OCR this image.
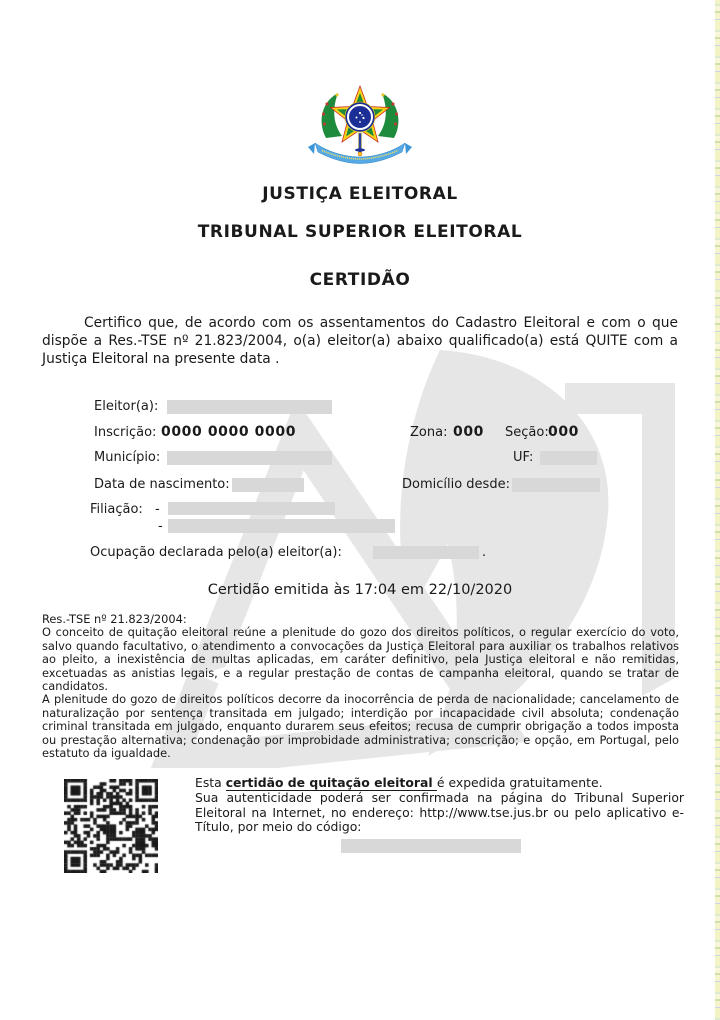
JUSTIÇA ELEITORAL
TRIBUNAL SUPERIOR ELEITORAL
CERTIDÃO

Certifico que, de acordo com os assentamentos do Cadastro Eleitoral e com o que dispõe a Res.-TSE nº 21.823/2004, o(a) eleitor(a) abaixo qualificado(a) está QUITE com a Justiça Eleitoral na presente data .

Eleitor(a):
Inscrição: 0000 0000 0000	Zona: 000 Seção: 000
Município:	UF:
Data de nascimento:	Domicílio desde:
Filiação: -
-
Ocupação declarada pelo(a) eleitor(a):	.
Certidão emitida às 17:04 em 22/10/2020
Res.-TSE nº 21.823/2004:

O conceito de quitação eleitoral reúne a plenitude do gozo dos direitos políticos, o regular exercício do voto, salvo quando facultativo, o atendimento a convocações da Justiça Eleitoral para auxiliar os trabalhos relativos ao pleito, a inexistência de multas aplicadas, em caráter definitivo, pela Justiça eleitoral e não remitidas, excetuadas as anistias legais, e a regular prestação de contas de campanha eleitoral, quando se tratar de candidatos.

A plenitude do gozo de direitos políticos decorre da inocorrência de perda de nacionalidade; cancelamento de naturalização por sentença transitada em julgado; interdição por incapacidade civil absoluta; condenação criminal transitada em julgado, enquanto durarem seus efeitos; recusa de cumprir obrigação a todos imposta ou prestação alternativa; condenação por improbidade administrativa; conscrição; e opção, em Portugal, pelo estatuto da igualdade.

Esta certidão de quitação eleitoral é expedida gratuitamente.

Sua autenticidade poderá ser confirmada na página do Tribunal Superior Eleitoral na Internet, no endereço: http://www.tse.jus.br ou pelo aplicativo e-Título, por meio do código:
